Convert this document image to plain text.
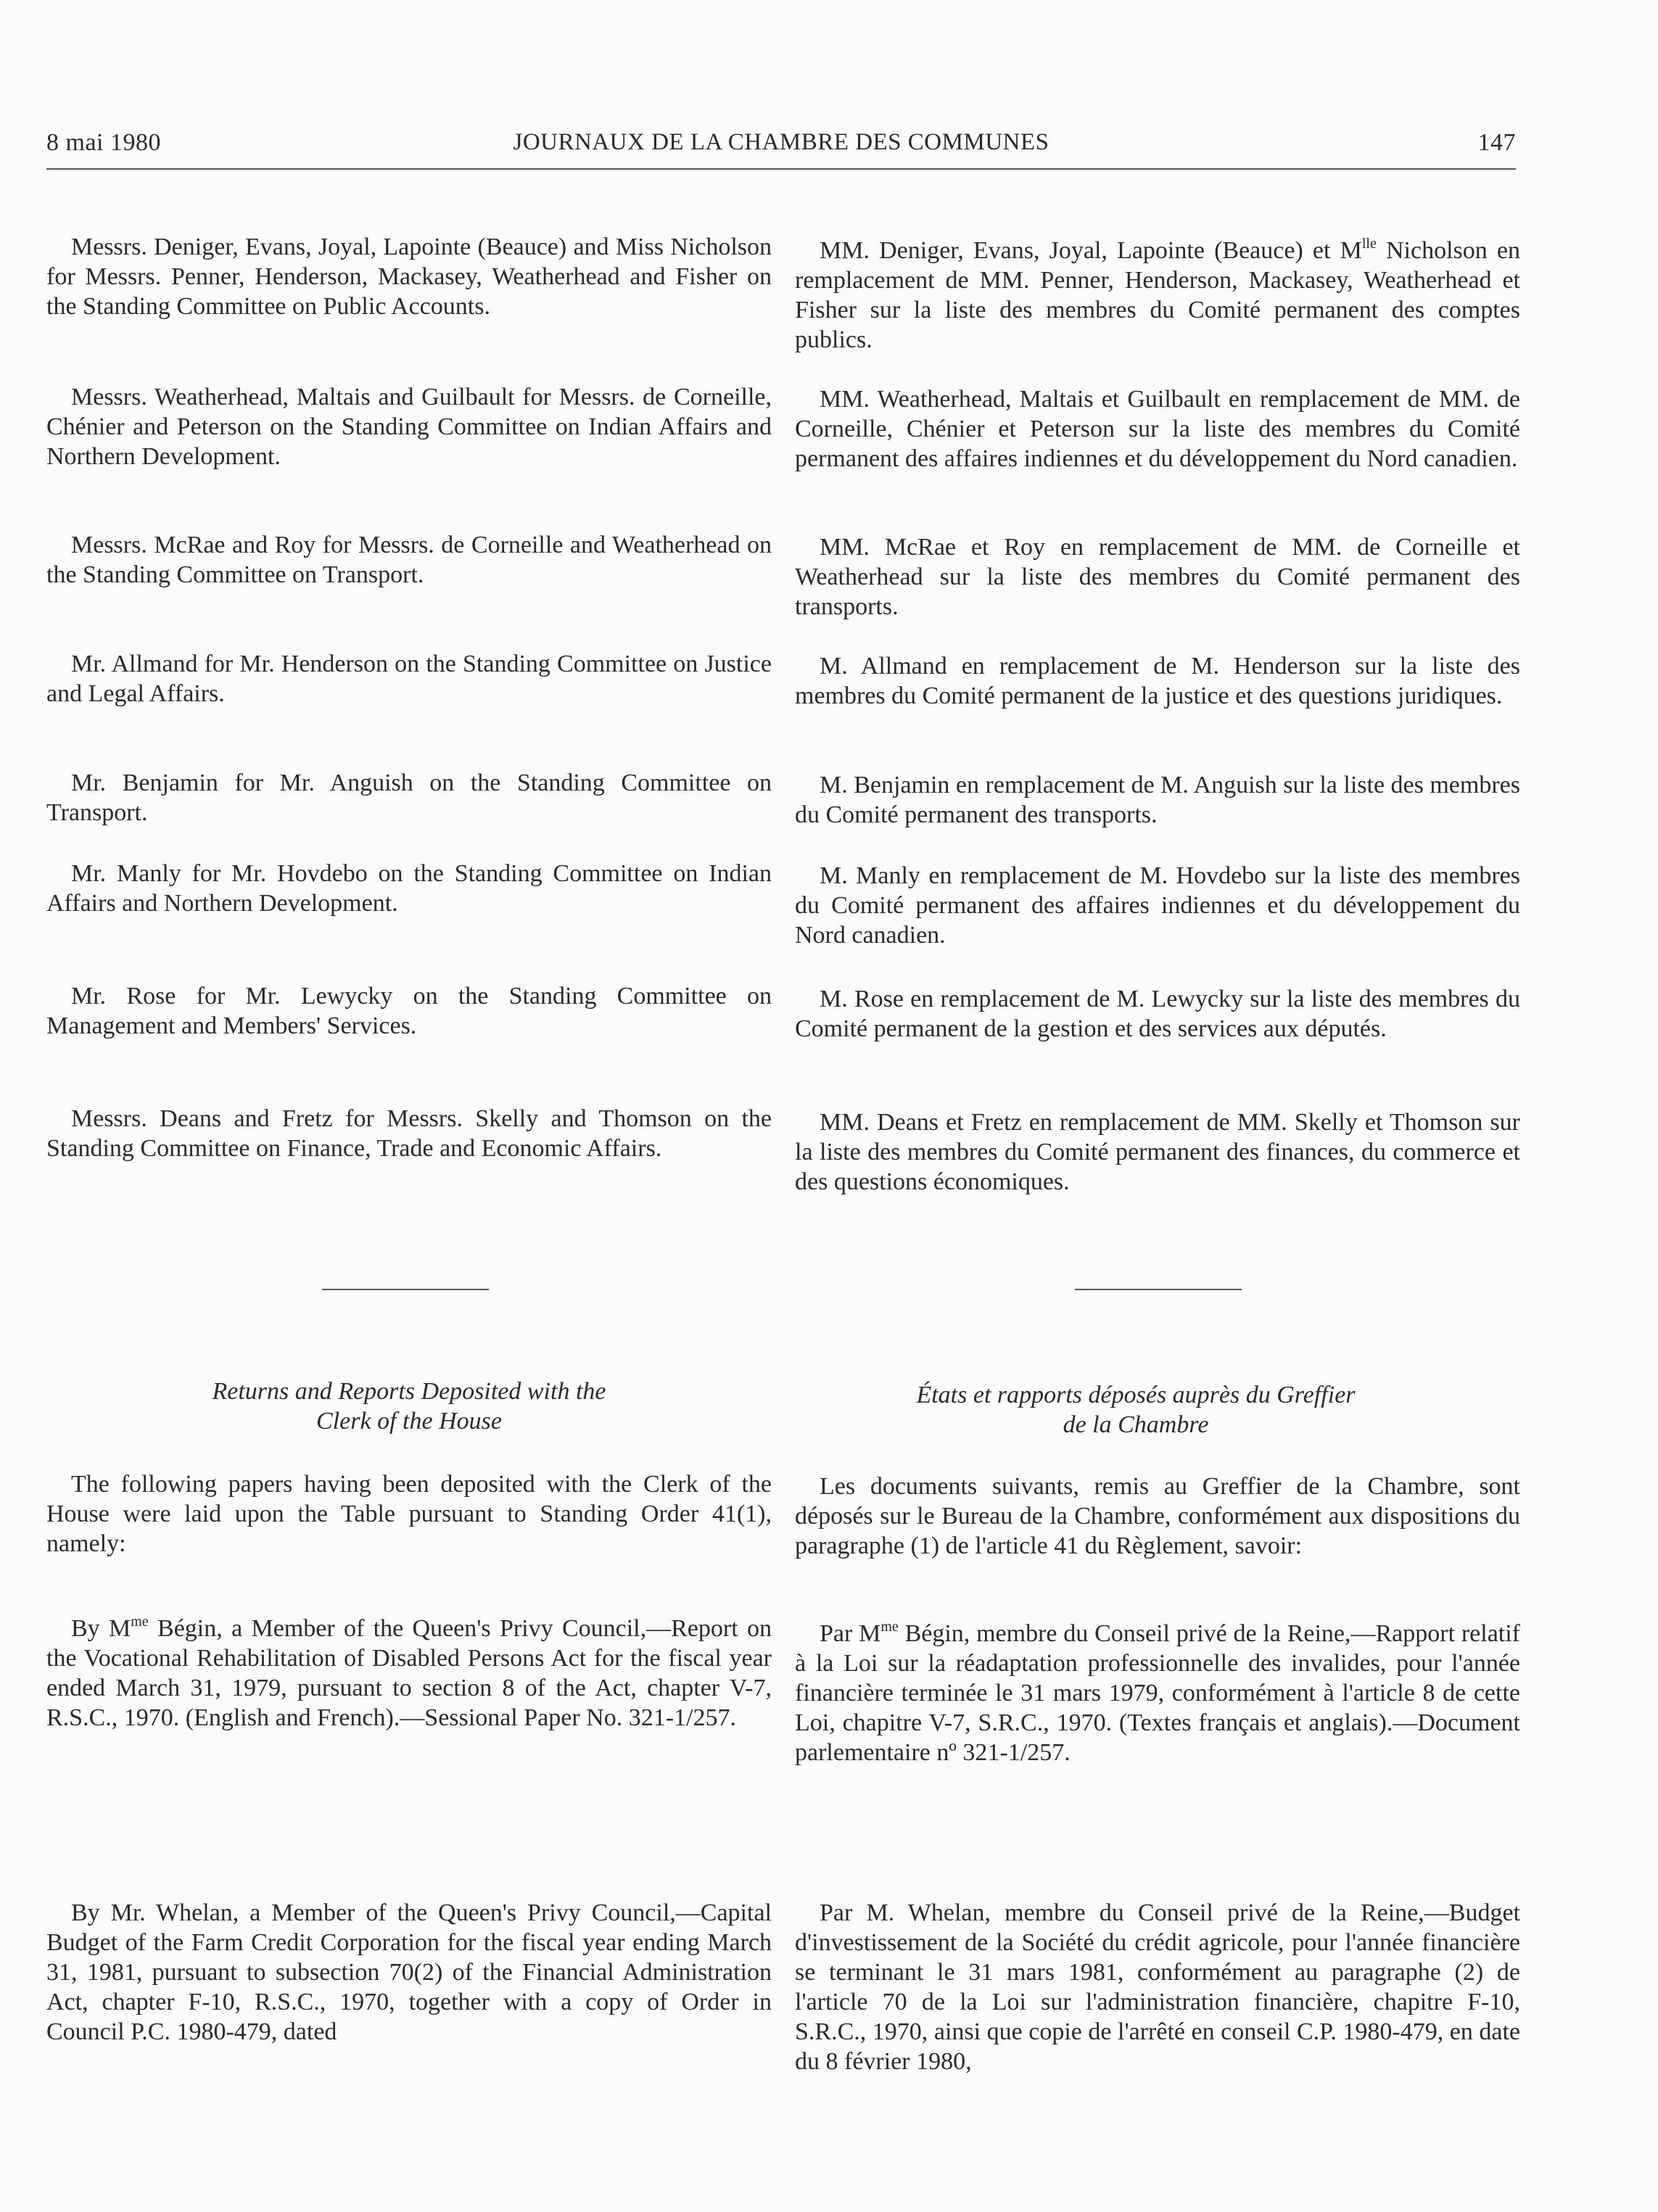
8 mai 1980	JOURNAUX DE LA CHAMBRE DES COMMUNES	147

Messrs. Deniger, Evans, Joyal, Lapointe (Beauce) and Miss Nicholson for Messrs. Penner, Henderson, Mackasey, Weatherhead and Fisher on the Standing Committee on Public Accounts.

Messrs. Weatherhead, Maltais and Guilbault for Messrs. de Corneille, Chénier and Peterson on the Standing Committee on Indian Affairs and Northern Development.

Messrs. McRae and Roy for Messrs. de Corneille and Weatherhead on the Standing Committee on Transport.

Mr. Allmand for Mr. Henderson on the Standing Committee on Justice and Legal Affairs.

Mr. Benjamin for Mr. Anguish on the Standing Committee on Transport.

Mr. Manly for Mr. Hovdebo on the Standing Committee on Indian Affairs and Northern Development.

Mr. Rose for Mr. Lewycky on the Standing Committee on Management and Members' Services.

Messrs. Deans and Fretz for Messrs. Skelly and Thomson on the Standing Committee on Finance, Trade and Economic Affairs.

Returns and Reports Deposited with the
Clerk of the House

The following papers having been deposited with the Clerk of the House were laid upon the Table pursuant to Standing Order 41(1), namely:

By $M^{me}$ Bégin, a Member of the Queen's Privy Council,—Report on the Vocational Rehabilitation of Disabled Persons Act for the fiscal year ended March 31, 1979, pursuant to section 8 of the Act, chapter V-7, R.S.C., 1970. (English and French).—Sessional Paper No. 321-1/257.

By Mr. Whelan, a Member of the Queen's Privy Council,—Capital Budget of the Farm Credit Corporation for the fiscal year ending March 31, 1981, pursuant to subsection 70(2) of the Financial Administration Act, chapter F-10, R.S.C., 1970, together with a copy of Order in Council P.C. 1980-479, dated

MM. Deniger, Evans, Joyal, Lapointe (Beauce) et $M^{lle}$ Nicholson en remplacement de MM. Penner, Henderson, Mackasey, Weatherhead et Fisher sur la liste des membres du Comité permanent des comptes publics.

MM. Weatherhead, Maltais et Guilbault en remplacement de MM. de Corneille, Chénier et Peterson sur la liste des membres du Comité permanent des affaires indiennes et du développement du Nord canadien.

MM. McRae et Roy en remplacement de MM. de Corneille et Weatherhead sur la liste des membres du Comité permanent des transports.

M. Allmand en remplacement de M. Henderson sur la liste des membres du Comité permanent de la justice et des questions juridiques.

M. Benjamin en remplacement de M. Anguish sur la liste des membres du Comité permanent des transports.

M. Manly en remplacement de M. Hovdebo sur la liste des membres du Comité permanent des affaires indiennes et du développement du Nord canadien.

M. Rose en remplacement de M. Lewycky sur la liste des membres du Comité permanent de la gestion et des services aux députés.

MM. Deans et Fretz en remplacement de MM. Skelly et Thomson sur la liste des membres du Comité permanent des finances, du commerce et des questions économiques.

États et rapports déposés auprès du Greffier
de la Chambre

Les documents suivants, remis au Greffier de la Chambre, sont déposés sur le Bureau de la Chambre, conformément aux dispositions du paragraphe (1) de l'article 41 du Règlement, savoir:

Par $M^{me}$ Bégin, membre du Conseil privé de la Reine,—Rapport relatif à la Loi sur la réadaptation professionnelle des invalides, pour l'année financière terminée le 31 mars 1979, conformément à l'article 8 de cette Loi, chapitre V-7, S.R.C., 1970. (Textes français et anglais).—Document parlementaire nº 321-1/257.

Par M. Whelan, membre du Conseil privé de la Reine,—Budget d'investissement de la Société du crédit agricole, pour l'année financière se terminant le 31 mars 1981, conformément au paragraphe (2) de l'article 70 de la Loi sur l'administration financière, chapitre F-10, S.R.C., 1970, ainsi que copie de l'arrêté en conseil C.P. 1980-479, en date du 8 février 1980,
